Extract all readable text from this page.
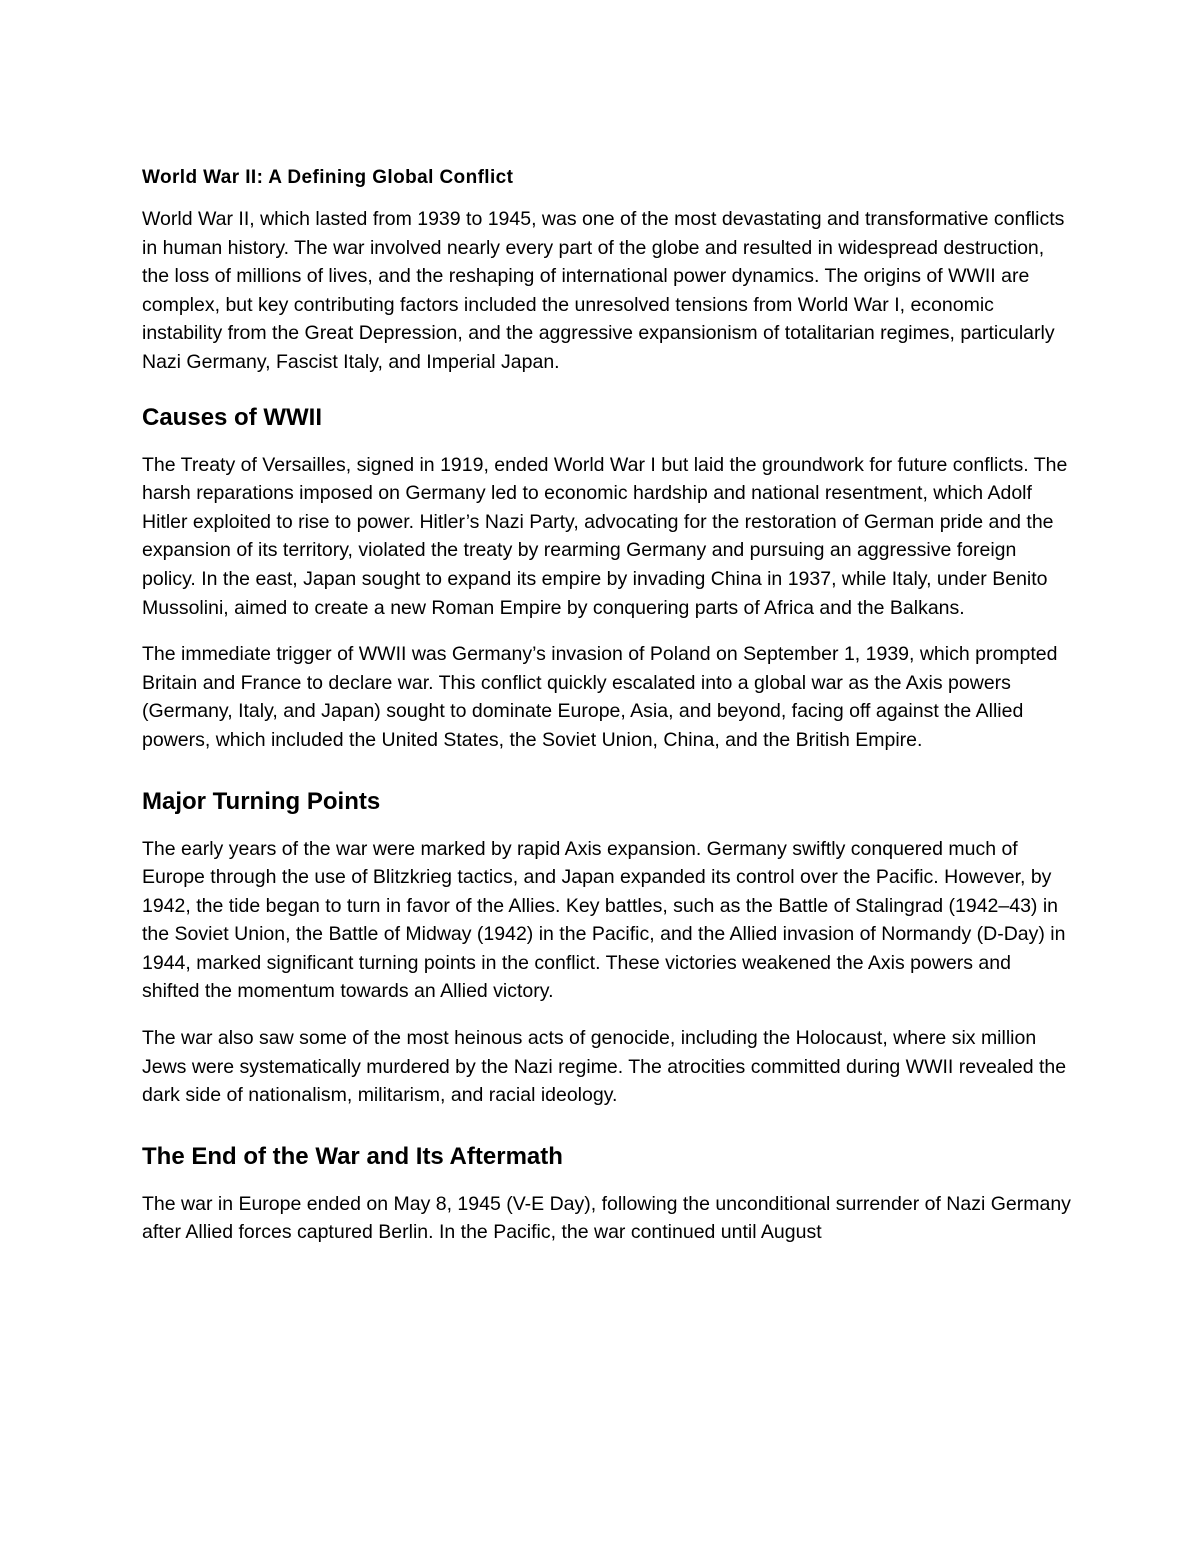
World War II: A Defining Global Conflict

World War II, which lasted from 1939 to 1945, was one of the most devastating and transformative conflicts in human history. The war involved nearly every part of the globe and resulted in widespread destruction, the loss of millions of lives, and the reshaping of international power dynamics. The origins of WWII are complex, but key contributing factors included the unresolved tensions from World War I, economic instability from the Great Depression, and the aggressive expansionism of totalitarian regimes, particularly Nazi Germany, Fascist Italy, and Imperial Japan.

Causes of WWII

The Treaty of Versailles, signed in 1919, ended World War I but laid the groundwork for future conflicts. The harsh reparations imposed on Germany led to economic hardship and national resentment, which Adolf Hitler exploited to rise to power. Hitler’s Nazi Party, advocating for the restoration of German pride and the expansion of its territory, violated the treaty by rearming Germany and pursuing an aggressive foreign policy. In the east, Japan sought to expand its empire by invading China in 1937, while Italy, under Benito Mussolini, aimed to create a new Roman Empire by conquering parts of Africa and the Balkans.

The immediate trigger of WWII was Germany’s invasion of Poland on September 1, 1939, which prompted Britain and France to declare war. This conflict quickly escalated into a global war as the Axis powers (Germany, Italy, and Japan) sought to dominate Europe, Asia, and beyond, facing off against the Allied powers, which included the United States, the Soviet Union, China, and the British Empire.

Major Turning Points

The early years of the war were marked by rapid Axis expansion. Germany swiftly conquered much of Europe through the use of Blitzkrieg tactics, and Japan expanded its control over the Pacific. However, by 1942, the tide began to turn in favor of the Allies. Key battles, such as the Battle of Stalingrad (1942–43) in the Soviet Union, the Battle of Midway (1942) in the Pacific, and the Allied invasion of Normandy (D-Day) in 1944, marked significant turning points in the conflict. These victories weakened the Axis powers and shifted the momentum towards an Allied victory.

The war also saw some of the most heinous acts of genocide, including the Holocaust, where six million Jews were systematically murdered by the Nazi regime. The atrocities committed during WWII revealed the dark side of nationalism, militarism, and racial ideology.

The End of the War and Its Aftermath

The war in Europe ended on May 8, 1945 (V-E Day), following the unconditional surrender of Nazi Germany after Allied forces captured Berlin. In the Pacific, the war continued until August
